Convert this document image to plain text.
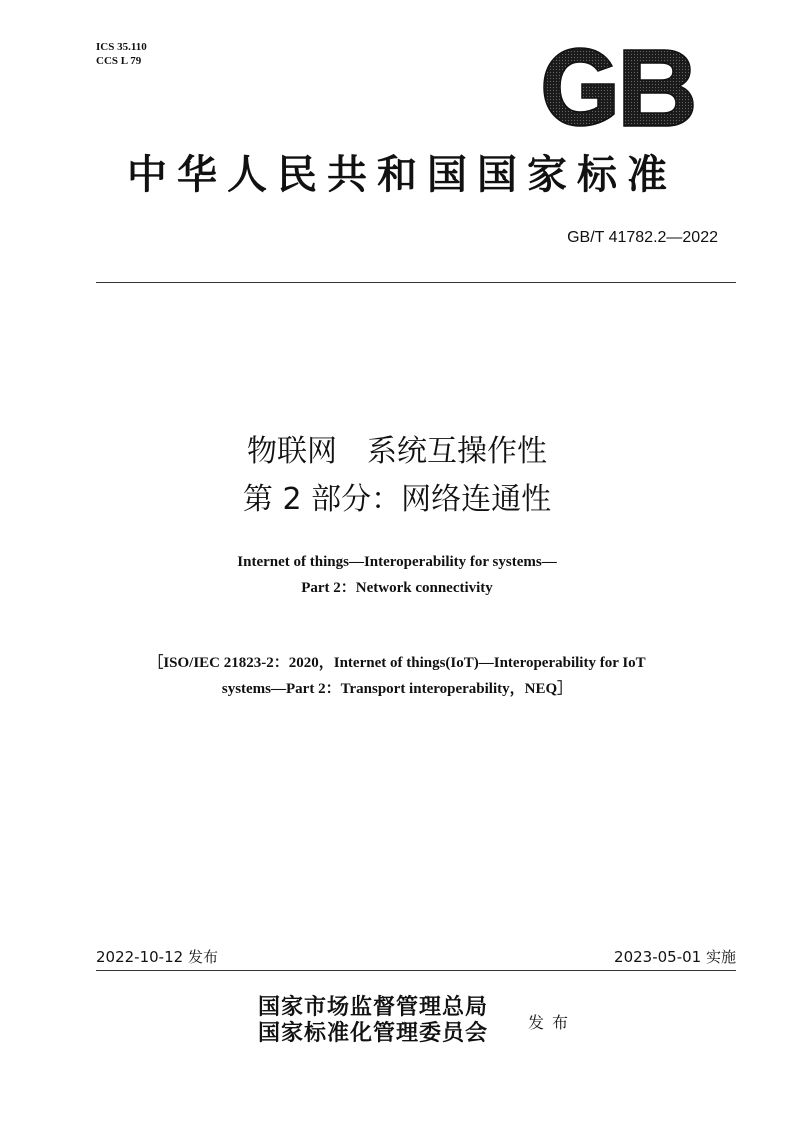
ICS 35.110
CCS L 79
中华人民共和国国家标准
GB/T 41782.2—2022
物联网　系统互操作性
第 2 部分：网络连通性
Internet of things—Interoperability for systems—
Part 2：Network connectivity
［ISO/IEC 21823-2：2020，Internet of things(IoT)—Interoperability for IoT
systems—Part 2：Transport interoperability，NEQ］
2022-10-12 发布	2023-05-01 实施
国家市场监督管理总局
国家标准化管理委员会 发布
